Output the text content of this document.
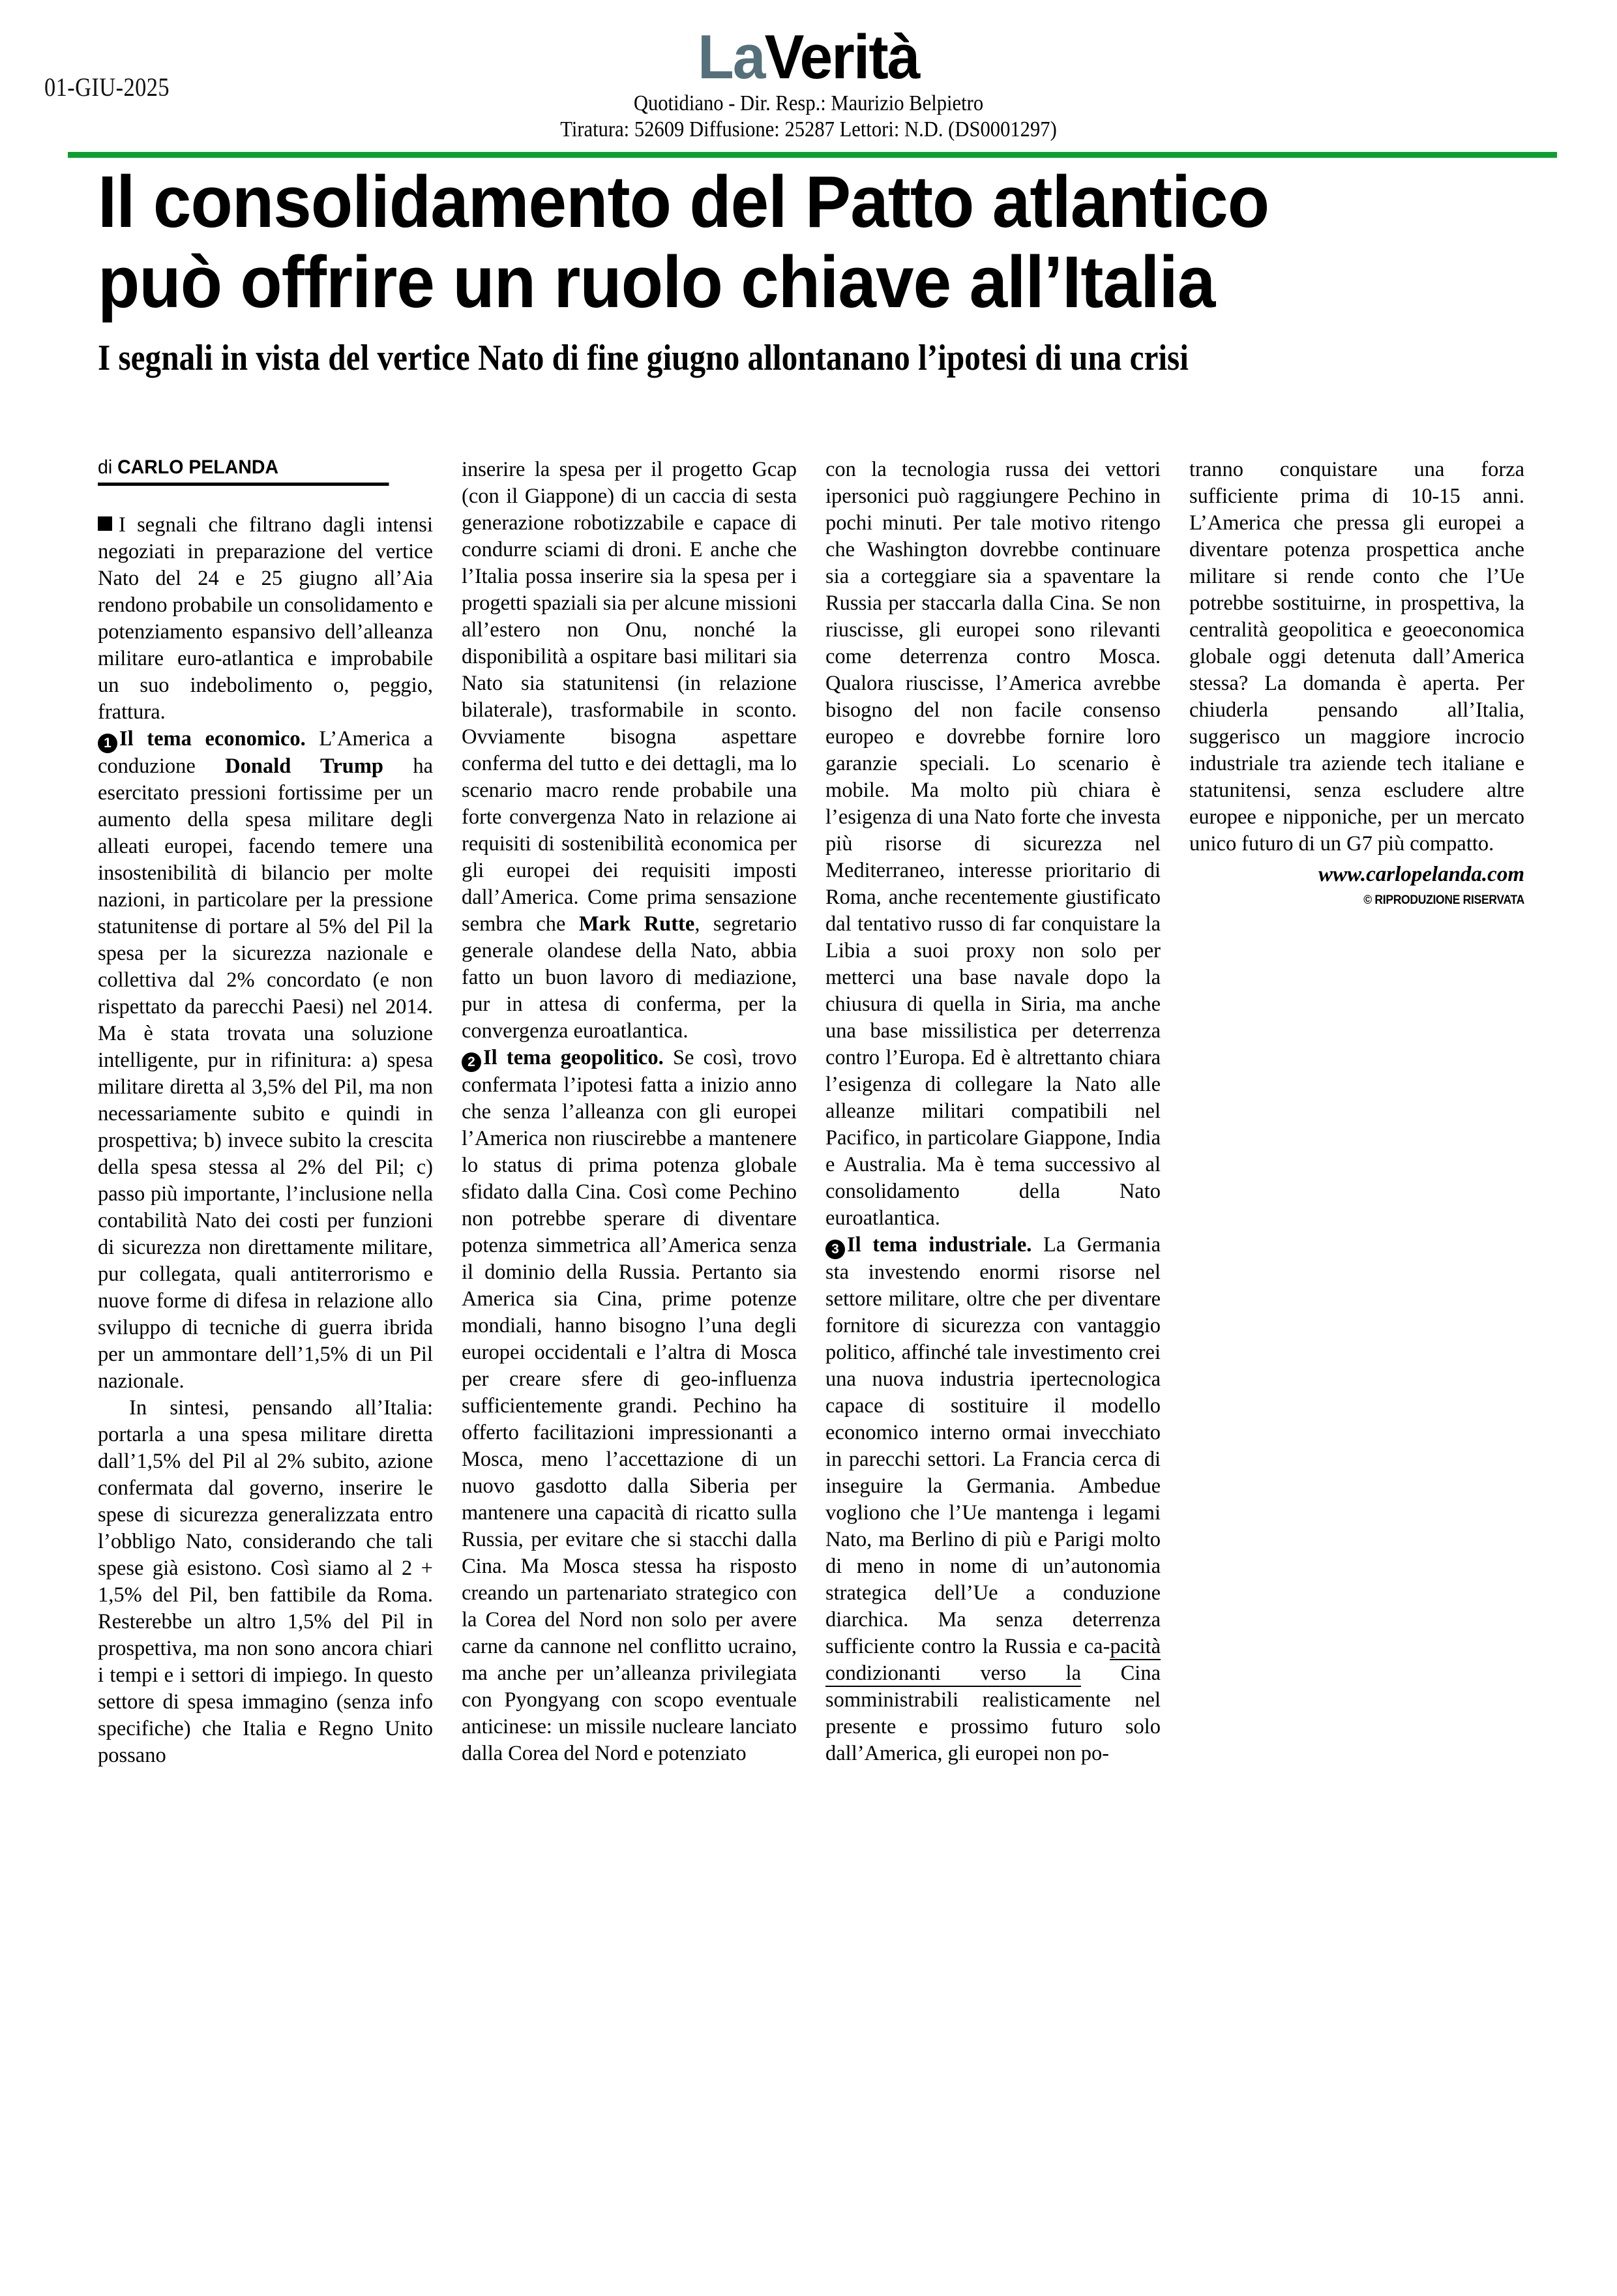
01-GIU-2025	LaVerità
Quotidiano - Dir. Resp.: Maurizio Belpietro
Tiratura: 52609 Diffusione: 25287 Lettori: N.D. (DS0001297)
Il consolidamento del Patto atlantico
può offrire un ruolo chiave all’Italia
I segnali in vista del vertice Nato di fine giugno allontanano l’ipotesi di una crisi
di CARLO PELANDA

I segnali che filtrano dagli intensi negoziati in preparazione del vertice Nato del 24 e 25 giugno all’Aia rendono probabile un consolidamento e potenziamento espansivo dell’alleanza militare euro-atlantica e improbabile un suo indebolimento o, peggio, frattura.

1 Il tema economico. L’America a conduzione Donald Trump ha esercitato pressioni fortissime per un aumento della spesa militare degli alleati europei, facendo temere una insostenibilità di bilancio per molte nazioni, in particolare per la pressione statunitense di portare al 5% del Pil la spesa per la sicurezza nazionale e collettiva dal 2% concordato (e non rispettato da parecchi Paesi) nel 2014. Ma è stata trovata una soluzione intelligente, pur in rifinitura: a) spesa militare diretta al 3,5% del Pil, ma non necessariamente subito e quindi in prospettiva; b) invece subito la crescita della spesa stessa al 2% del Pil; c) passo più importante, l’inclusione nella contabilità Nato dei costi per funzioni di sicurezza non direttamente militare, pur collegata, quali antiterrorismo e nuove forme di difesa in relazione allo sviluppo di tecniche di guerra ibrida per un ammontare dell’1,5% di un Pil nazionale.

In sintesi, pensando all’Italia: portarla a una spesa militare diretta dall’1,5% del Pil al 2% subito, azione confermata dal governo, inserire le spese di sicurezza generalizzata entro l’obbligo Nato, considerando che tali spese già esistono. Così siamo al 2 + 1,5% del Pil, ben fattibile da Roma. Resterebbe un altro 1,5% del Pil in prospettiva, ma non sono ancora chiari i tempi e i settori di impiego. In questo settore di spesa immagino (senza info specifiche) che Italia e Regno Unito possano

inserire la spesa per il progetto Gcap (con il Giappone) di un caccia di sesta generazione robotizzabile e capace di condurre sciami di droni. E anche che l’Italia possa inserire sia la spesa per i progetti spaziali sia per alcune missioni all’estero non Onu, nonché la disponibilità a ospitare basi militari sia Nato sia statunitensi (in relazione bilaterale), trasformabile in sconto. Ovviamente bisogna aspettare conferma del tutto e dei dettagli, ma lo scenario macro rende probabile una forte convergenza Nato in relazione ai requisiti di sostenibilità economica per gli europei dei requisiti imposti dall’America. Come prima sensazione sembra che Mark Rutte, segretario generale olandese della Nato, abbia fatto un buon lavoro di mediazione, pur in attesa di conferma, per la convergenza euroatlantica.

2 Il tema geopolitico. Se così, trovo confermata l’ipotesi fatta a inizio anno che senza l’alleanza con gli europei l’America non riuscirebbe a mantenere lo status di prima potenza globale sfidato dalla Cina. Così come Pechino non potrebbe sperare di diventare potenza simmetrica all’America senza il dominio della Russia. Pertanto sia America sia Cina, prime potenze mondiali, hanno bisogno l’una degli europei occidentali e l’altra di Mosca per creare sfere di geo-influenza sufficientemente grandi. Pechino ha offerto facilitazioni impressionanti a Mosca, meno l’accettazione di un nuovo gasdotto dalla Siberia per mantenere una capacità di ricatto sulla Russia, per evitare che si stacchi dalla Cina. Ma Mosca stessa ha risposto creando un partenariato strategico con la Corea del Nord non solo per avere carne da cannone nel conflitto ucraino, ma anche per un’alleanza privilegiata con Pyongyang con scopo eventuale anticinese: un missile nucleare lanciato dalla Corea del Nord e potenziato

con la tecnologia russa dei vettori ipersonici può raggiungere Pechino in pochi minuti. Per tale motivo ritengo che Washington dovrebbe continuare sia a corteggiare sia a spaventare la Russia per staccarla dalla Cina. Se non riuscisse, gli europei sono rilevanti come deterrenza contro Mosca. Qualora riuscisse, l’America avrebbe bisogno del non facile consenso europeo e dovrebbe fornire loro garanzie speciali. Lo scenario è mobile. Ma molto più chiara è l’esigenza di una Nato forte che investa più risorse di sicurezza nel Mediterraneo, interesse prioritario di Roma, anche recentemente giustificato dal tentativo russo di far conquistare la Libia a suoi proxy non solo per metterci una base navale dopo la chiusura di quella in Siria, ma anche una base missilistica per deterrenza contro l’Europa. Ed è altrettanto chiara l’esigenza di collegare la Nato alle alleanze militari compatibili nel Pacifico, in particolare Giappone, India e Australia. Ma è tema successivo al consolidamento della Nato euroatlantica.

3 Il tema industriale. La Germania sta investendo enormi risorse nel settore militare, oltre che per diventare fornitore di sicurezza con vantaggio politico, affinché tale investimento crei una nuova industria ipertecnologica capace di sostituire il modello economico interno ormai invecchiato in parecchi settori. La Francia cerca di inseguire la Germania. Ambedue vogliono che l’Ue mantenga i legami Nato, ma Berlino di più e Parigi molto di meno in nome di un’autonomia strategica dell’Ue a conduzione diarchica. Ma senza deterrenza sufficiente contro la Russia e ca-pacità condizionanti verso la Cina somministrabili realisticamente nel presente e prossimo futuro solo dall’America, gli europei non po-

tranno conquistare una forza sufficiente prima di 10-15 anni. L’America che pressa gli europei a diventare potenza prospettica anche militare si rende conto che l’Ue potrebbe sostituirne, in prospettiva, la centralità geopolitica e geoeconomica globale oggi detenuta dall’America stessa? La domanda è aperta. Per chiuderla pensando all’Italia, suggerisco un maggiore incrocio industriale tra aziende tech italiane e statunitensi, senza escludere altre europee e nipponiche, per un mercato unico futuro di un G7 più compatto.

www.carlopelanda.com
© RIPRODUZIONE RISERVATA
